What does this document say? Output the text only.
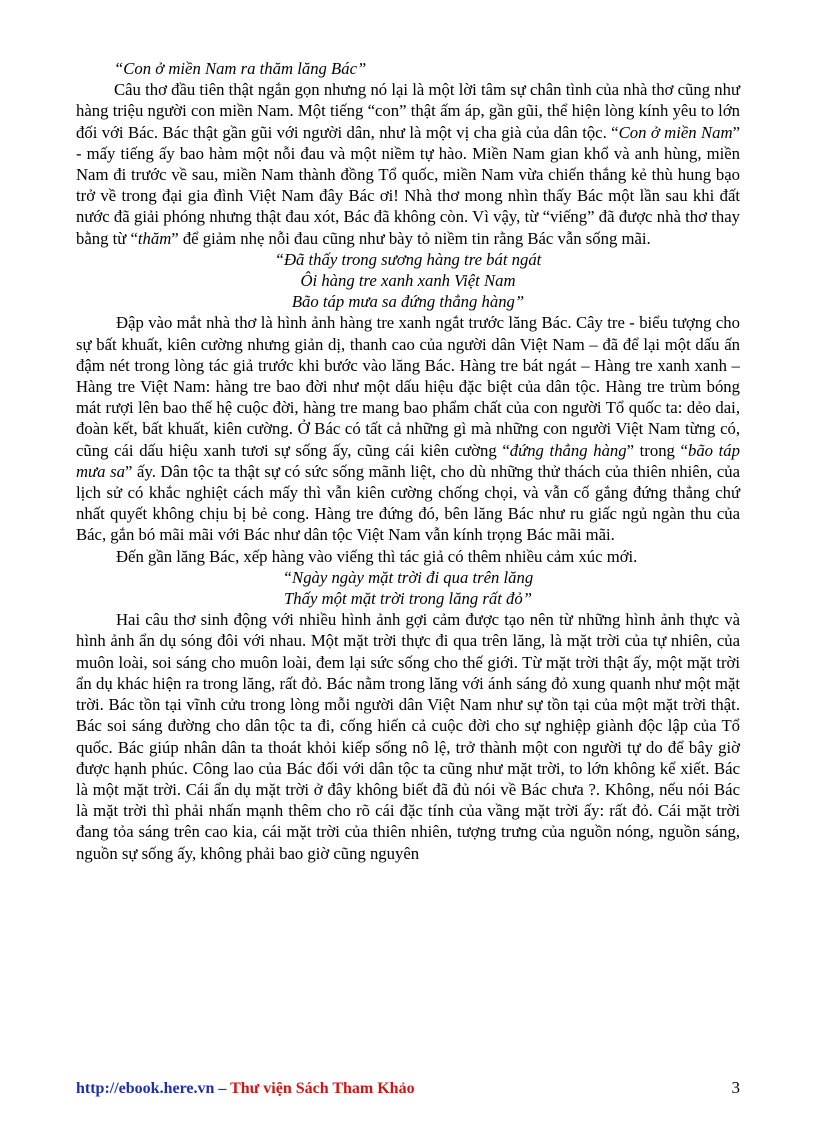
“Con ở miền Nam ra thăm lăng Bác”

Câu thơ đầu tiên thật ngắn gọn nhưng nó lại là một lời tâm sự chân tình của nhà thơ cũng như hàng triệu người con miền Nam. Một tiếng “con” thật ấm áp, gần gũi, thể hiện lòng kính yêu to lớn đối với Bác. Bác thật gần gũi với người dân, như là một vị cha già của dân tộc. “Con ở miền Nam” - mấy tiếng ấy bao hàm một nỗi đau và một niềm tự hào. Miền Nam gian khổ và anh hùng, miền Nam đi trước về sau, miền Nam thành đồng Tổ quốc, miền Nam vừa chiến thắng kẻ thù hung bạo trở về trong đại gia đình Việt Nam đây Bác ơi! Nhà thơ mong nhìn thấy Bác một lần sau khi đất nước đã giải phóng nhưng thật đau xót, Bác đã không còn. Vì vậy, từ “viếng” đã được nhà thơ thay bằng từ “thăm” để giảm nhẹ nỗi đau cũng như bày tỏ niềm tin rằng Bác vẫn sống mãi.

“Đã thấy trong sương hàng tre bát ngát
Ôi hàng tre xanh xanh Việt Nam
Bão táp mưa sa đứng thẳng hàng”

Đập vào mắt nhà thơ là hình ảnh hàng tre xanh ngắt trước lăng Bác. Cây tre - biểu tượng cho sự bất khuất, kiên cường nhưng giản dị, thanh cao của người dân Việt Nam – đã để lại một dấu ấn đậm nét trong lòng tác giả trước khi bước vào lăng Bác. Hàng tre bát ngát – Hàng tre xanh xanh – Hàng tre Việt Nam: hàng tre bao đời như một dấu hiệu đặc biệt của dân tộc. Hàng tre trùm bóng mát rượi lên bao thế hệ cuộc đời, hàng tre mang bao phẩm chất của con người Tổ quốc ta: dẻo dai, đoàn kết, bất khuất, kiên cường. Ở Bác có tất cả những gì mà những con người Việt Nam từng có, cũng cái dấu hiệu xanh tươi sự sống ấy, cũng cái kiên cường “đứng thẳng hàng” trong “bão táp mưa sa” ấy. Dân tộc ta thật sự có sức sống mãnh liệt, cho dù những thử thách của thiên nhiên, của lịch sử có khắc nghiệt cách mấy thì vẫn kiên cường chống chọi, và vẫn cố gắng đứng thẳng chứ nhất quyết không chịu bị bẻ cong. Hàng tre đứng đó, bên lăng Bác như ru giấc ngủ ngàn thu của Bác, gắn bó mãi mãi với Bác như dân tộc Việt Nam vẫn kính trọng Bác mãi mãi.

Đến gần lăng Bác, xếp hàng vào viếng thì tác giả có thêm nhiều cảm xúc mới.

“Ngày ngày mặt trời đi qua trên lăng
Thấy một mặt trời trong lăng rất đỏ”

Hai câu thơ sinh động với nhiều hình ảnh gợi cảm được tạo nên từ những hình ảnh thực và hình ảnh ẩn dụ sóng đôi với nhau. Một mặt trời thực đi qua trên lăng, là mặt trời của tự nhiên, của muôn loài, soi sáng cho muôn loài, đem lại sức sống cho thế giới. Từ mặt trời thật ấy, một mặt trời ẩn dụ khác hiện ra trong lăng, rất đỏ. Bác nằm trong lăng với ánh sáng đỏ xung quanh như một mặt trời. Bác tồn tại vĩnh cửu trong lòng mỗi người dân Việt Nam như sự tồn tại của một mặt trời thật. Bác soi sáng đường cho dân tộc ta đi, cống hiến cả cuộc đời cho sự nghiệp giành độc lập của Tổ quốc. Bác giúp nhân dân ta thoát khỏi kiếp sống nô lệ, trở thành một con người tự do để bây giờ được hạnh phúc. Công lao của Bác đối với dân tộc ta cũng như mặt trời, to lớn không kể xiết. Bác là một mặt trời. Cái ẩn dụ mặt trời ở đây không biết đã đủ nói về Bác chưa ?. Không, nếu nói Bác là mặt trời thì phải nhấn mạnh thêm cho rõ cái đặc tính của vầng mặt trời ấy: rất đỏ. Cái mặt trời đang tỏa sáng trên cao kia, cái mặt trời của thiên nhiên, tượng trưng của nguồn nóng, nguồn sáng, nguồn sự sống ấy, không phải bao giờ cũng nguyên

http://ebook.here.vn – Thư viện Sách Tham Khảo	3
